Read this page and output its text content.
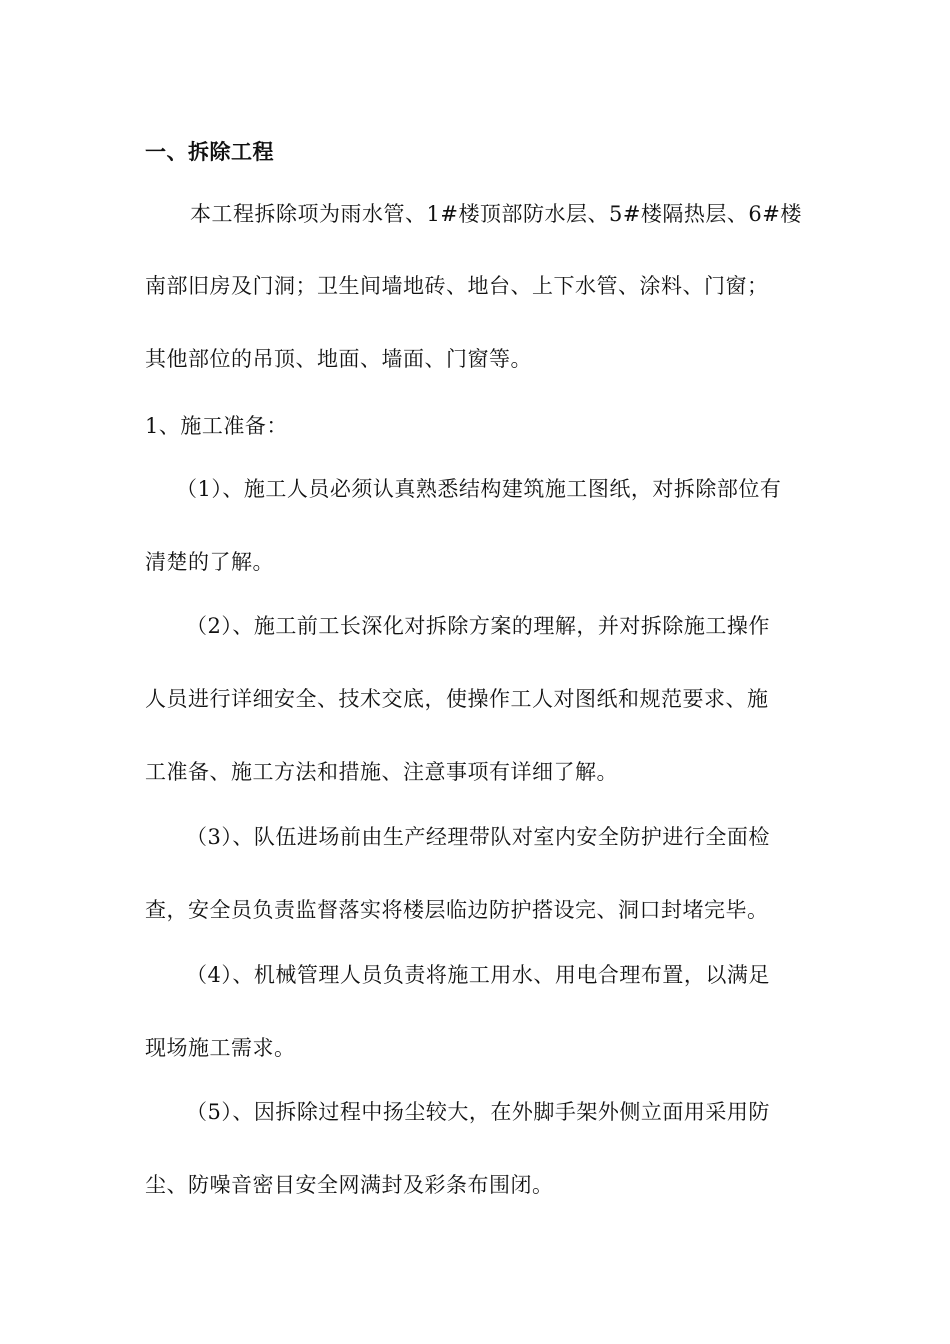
一、拆除工程

本工程拆除项为雨水管、1#楼顶部防水层、5#楼隔热层、6#楼

南部旧房及门洞；卫生间墙地砖、地台、上下水管、涂料、门窗；

其他部位的吊顶、地面、墙面、门窗等。

1、施工准备：

（1）、施工人员必须认真熟悉结构建筑施工图纸，对拆除部位有

清楚的了解。

（2）、施工前工长深化对拆除方案的理解，并对拆除施工操作

人员进行详细安全、技术交底，使操作工人对图纸和规范要求、施

工准备、施工方法和措施、注意事项有详细了解。

（3）、队伍进场前由生产经理带队对室内安全防护进行全面检

查，安全员负责监督落实将楼层临边防护搭设完、洞口封堵完毕。

（4）、机械管理人员负责将施工用水、用电合理布置，以满足

现场施工需求。

（5）、因拆除过程中扬尘较大，在外脚手架外侧立面用采用防

尘、防噪音密目安全网满封及彩条布围闭。
